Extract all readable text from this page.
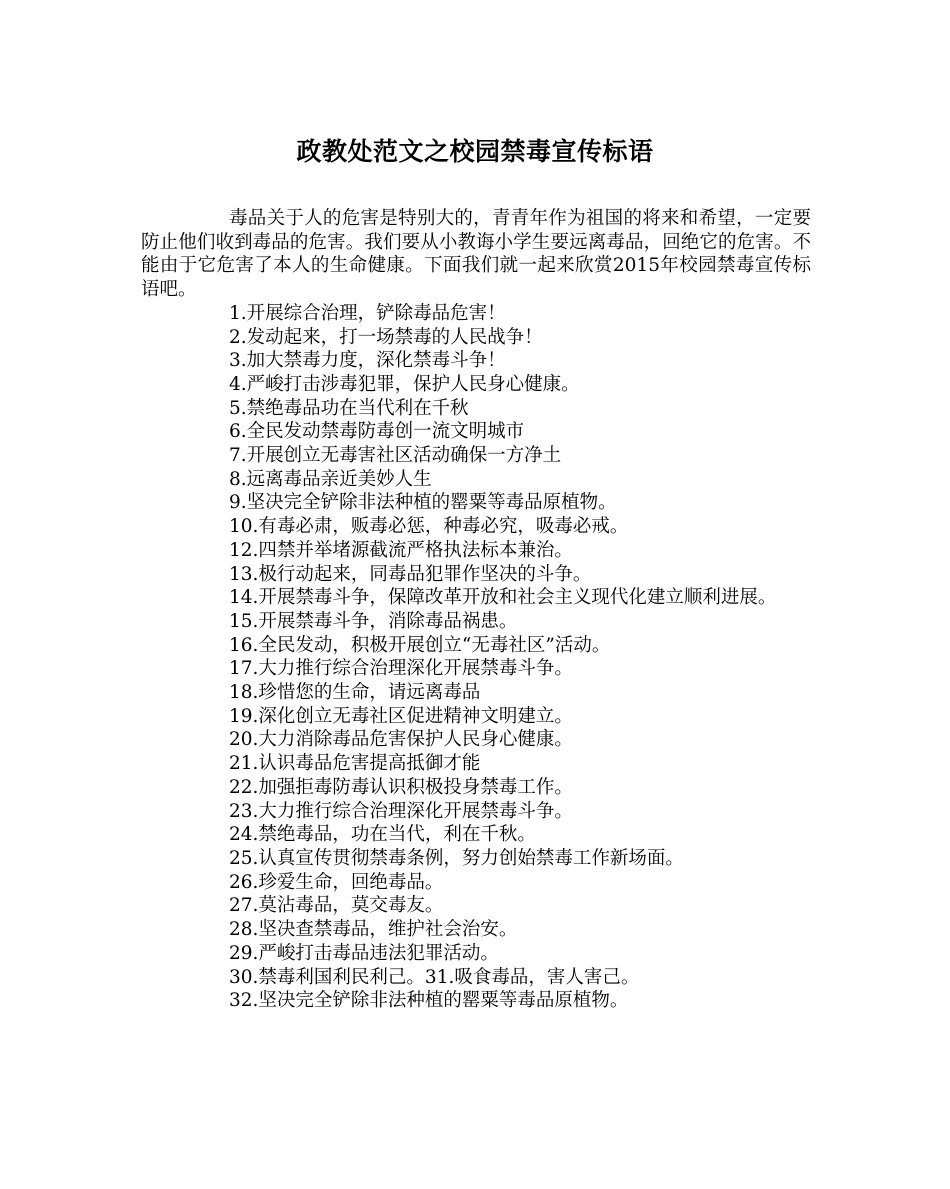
政教处范文之校园禁毒宣传标语

毒品关于人的危害是特别大的，青青年作为祖国的将来和希望，一定要防止他们收到毒品的危害。我们要从小教诲小学生要远离毒品，回绝它的危害。不能由于它危害了本人的生命健康。下面我们就一起来欣赏2015年校园禁毒宣传标语吧。

1.开展综合治理，铲除毒品危害！
2.发动起来，打一场禁毒的人民战争！
3.加大禁毒力度，深化禁毒斗争！
4.严峻打击涉毒犯罪，保护人民身心健康。
5.禁绝毒品功在当代利在千秋
6.全民发动禁毒防毒创一流文明城市
7.开展创立无毒害社区活动确保一方净土
8.远离毒品亲近美妙人生
9.坚决完全铲除非法种植的罂粟等毒品原植物。
10.有毒必肃，贩毒必惩，种毒必究，吸毒必戒。
12.四禁并举堵源截流严格执法标本兼治。
13.极行动起来，同毒品犯罪作坚决的斗争。
14.开展禁毒斗争，保障改革开放和社会主义现代化建立顺利进展。
15.开展禁毒斗争，消除毒品祸患。
16.全民发动，积极开展创立“无毒社区”活动。
17.大力推行综合治理深化开展禁毒斗争。
18.珍惜您的生命，请远离毒品
19.深化创立无毒社区促进精神文明建立。
20.大力消除毒品危害保护人民身心健康。
21.认识毒品危害提高抵御才能
22.加强拒毒防毒认识积极投身禁毒工作。
23.大力推行综合治理深化开展禁毒斗争。
24.禁绝毒品，功在当代，利在千秋。
25.认真宣传贯彻禁毒条例，努力创始禁毒工作新场面。
26.珍爱生命，回绝毒品。
27.莫沾毒品，莫交毒友。
28.坚决查禁毒品，维护社会治安。
29.严峻打击毒品违法犯罪活动。
30.禁毒利国利民利己。31.吸食毒品，害人害己。
32.坚决完全铲除非法种植的罂粟等毒品原植物。
